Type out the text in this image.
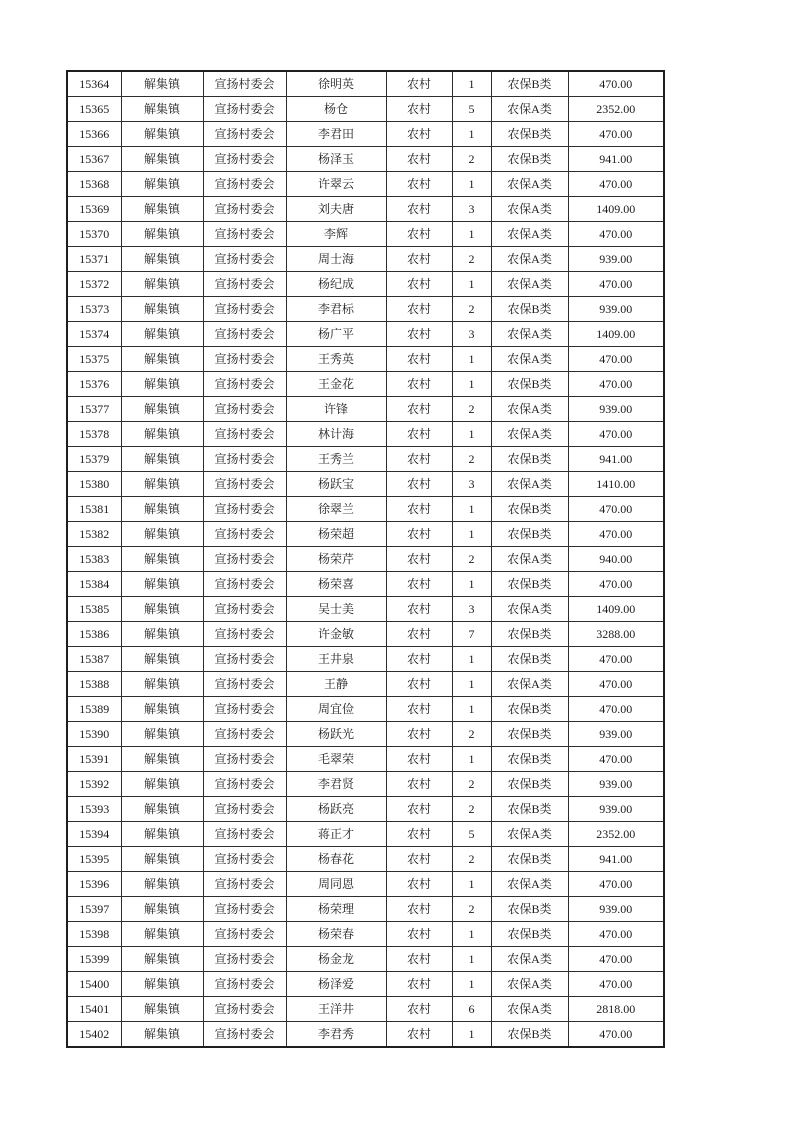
15364	解集镇	宣扬村委会	徐明英	农村	1	农保B类	470.00
15365	解集镇	宣扬村委会	杨仓	农村	5	农保A类	2352.00
15366	解集镇	宣扬村委会	李君田	农村	1	农保B类	470.00
15367	解集镇	宣扬村委会	杨泽玉	农村	2	农保B类	941.00
15368	解集镇	宣扬村委会	许翠云	农村	1	农保A类	470.00
15369	解集镇	宣扬村委会	刘夫唐	农村	3	农保A类	1409.00
15370	解集镇	宣扬村委会	李辉	农村	1	农保A类	470.00
15371	解集镇	宣扬村委会	周士海	农村	2	农保A类	939.00
15372	解集镇	宣扬村委会	杨纪成	农村	1	农保A类	470.00
15373	解集镇	宣扬村委会	李君标	农村	2	农保B类	939.00
15374	解集镇	宣扬村委会	杨广平	农村	3	农保A类	1409.00
15375	解集镇	宣扬村委会	王秀英	农村	1	农保A类	470.00
15376	解集镇	宣扬村委会	王金花	农村	1	农保B类	470.00
15377	解集镇	宣扬村委会	许锋	农村	2	农保A类	939.00
15378	解集镇	宣扬村委会	林计海	农村	1	农保A类	470.00
15379	解集镇	宣扬村委会	王秀兰	农村	2	农保B类	941.00
15380	解集镇	宣扬村委会	杨跃宝	农村	3	农保A类	1410.00
15381	解集镇	宣扬村委会	徐翠兰	农村	1	农保B类	470.00
15382	解集镇	宣扬村委会	杨荣超	农村	1	农保B类	470.00
15383	解集镇	宣扬村委会	杨荣芹	农村	2	农保A类	940.00
15384	解集镇	宣扬村委会	杨荣喜	农村	1	农保B类	470.00
15385	解集镇	宣扬村委会	吴士美	农村	3	农保A类	1409.00
15386	解集镇	宣扬村委会	许金敏	农村	7	农保B类	3288.00
15387	解集镇	宣扬村委会	王井泉	农村	1	农保B类	470.00
15388	解集镇	宣扬村委会	王静	农村	1	农保A类	470.00
15389	解集镇	宣扬村委会	周宜俭	农村	1	农保B类	470.00
15390	解集镇	宣扬村委会	杨跃光	农村	2	农保B类	939.00
15391	解集镇	宣扬村委会	毛翠荣	农村	1	农保B类	470.00
15392	解集镇	宣扬村委会	李君贤	农村	2	农保B类	939.00
15393	解集镇	宣扬村委会	杨跃亮	农村	2	农保B类	939.00
15394	解集镇	宣扬村委会	蒋正才	农村	5	农保A类	2352.00
15395	解集镇	宣扬村委会	杨春花	农村	2	农保B类	941.00
15396	解集镇	宣扬村委会	周同恩	农村	1	农保A类	470.00
15397	解集镇	宣扬村委会	杨荣理	农村	2	农保B类	939.00
15398	解集镇	宣扬村委会	杨荣春	农村	1	农保B类	470.00
15399	解集镇	宣扬村委会	杨金龙	农村	1	农保A类	470.00
15400	解集镇	宣扬村委会	杨泽爱	农村	1	农保A类	470.00
15401	解集镇	宣扬村委会	王洋井	农村	6	农保A类	2818.00
15402	解集镇	宣扬村委会	李君秀	农村	1	农保B类	470.00
